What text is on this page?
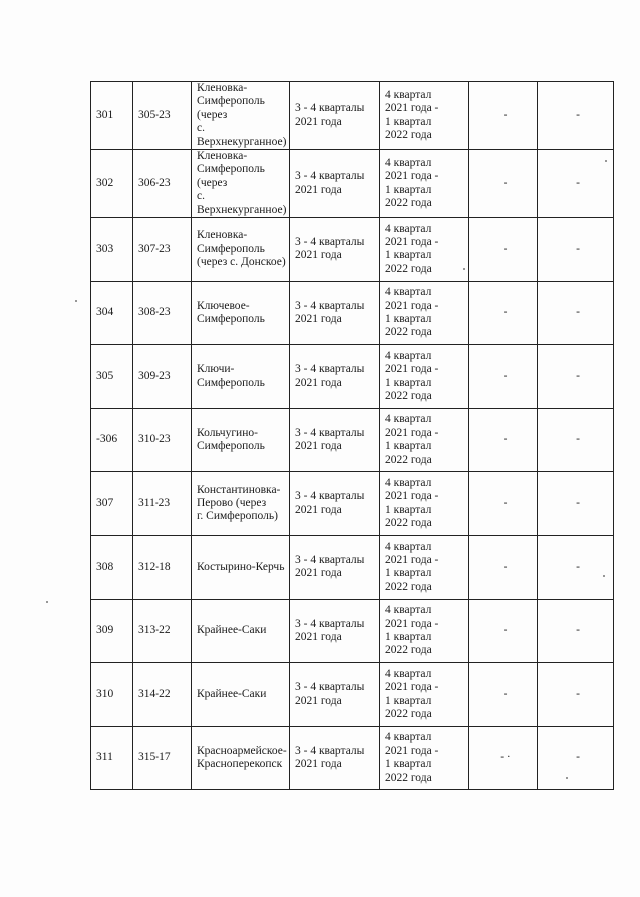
301	305-23	Кленовка-
Симферополь
(через
с. Верхнекурганное)	3 - 4 кварталы
2021 года	4 квартал
2021 года -
1 квартал
2022 года	-	-

302	306-23	Кленовка-
Симферополь
(через
с. Верхнекурганное)	3 - 4 кварталы
2021 года	4 квартал
2021 года -
1 квартал
2022 года	-	-

303	307-23	Кленовка-
Симферополь
(через с. Донское)	3 - 4 кварталы
2021 года	4 квартал
2021 года -
1 квартал
2022 года	-	-

304	308-23	Ключевое-
Симферополь	3 - 4 кварталы
2021 года	4 квартал
2021 года -
1 квартал
2022 года	-	-

305	309-23	Ключи-
Симферополь	3 - 4 кварталы
2021 года	4 квартал
2021 года -
1 квартал
2022 года	-	-

-306	310-23	Кольчугино-
Симферополь	3 - 4 кварталы
2021 года	4 квартал
2021 года -
1 квартал
2022 года	-	-

307	311-23	Константиновка-
Перово (через
г. Симферополь)	3 - 4 кварталы
2021 года	4 квартал
2021 года -
1 квартал
2022 года	-	-

308	312-18	Костырино-Керчь	3 - 4 кварталы
2021 года	4 квартал
2021 года -
1 квартал
2022 года	-	-

309	313-22	Крайнее-Саки	3 - 4 кварталы
2021 года	4 квартал
2021 года -
1 квартал
2022 года	-	-

310	314-22	Крайнее-Саки	3 - 4 кварталы
2021 года	4 квартал
2021 года -
1 квартал
2022 года	-	-

311	315-17	Красноармейское-
Красноперекопск	3 - 4 кварталы
2021 года	4 квартал
2021 года -
1 квартал
2022 года	- ·	-
